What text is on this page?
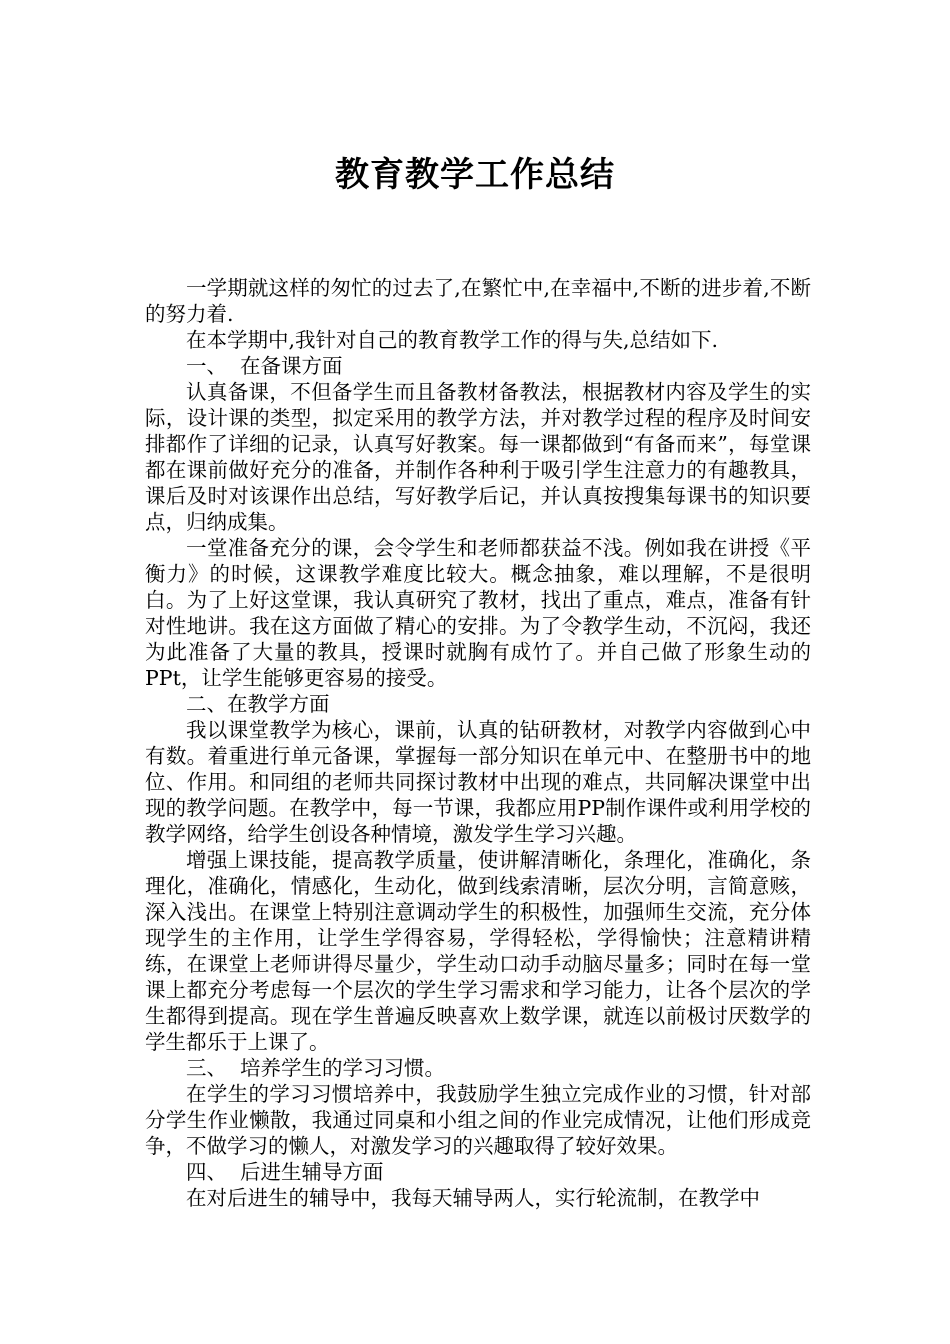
教育教学工作总结

一学期就这样的匆忙的过去了,在繁忙中,在幸福中,不断的进步着,不断的努力着.

在本学期中,我针对自己的教育教学工作的得与失,总结如下.

一、  在备课方面

认真备课，不但备学生而且备教材备教法，根据教材内容及学生的实际，设计课的类型，拟定采用的教学方法，并对教学过程的程序及时间安排都作了详细的记录，认真写好教案。每一课都做到“有备而来”，每堂课都在课前做好充分的准备，并制作各种利于吸引学生注意力的有趣教具，课后及时对该课作出总结，写好教学后记，并认真按搜集每课书的知识要点，归纳成集。

一堂准备充分的课，会令学生和老师都获益不浅。例如我在讲授《平衡力》的时候，这课教学难度比较大。概念抽象，难以理解，不是很明白。为了上好这堂课，我认真研究了教材，找出了重点，难点，准备有针对性地讲。我在这方面做了精心的安排。为了令教学生动，不沉闷，我还为此准备了大量的教具，授课时就胸有成竹了。并自己做了形象生动的PPt，让学生能够更容易的接受。

二、在教学方面

我以课堂教学为核心，课前，认真的钻研教材，对教学内容做到心中有数。着重进行单元备课，掌握每一部分知识在单元中、在整册书中的地位、作用。和同组的老师共同探讨教材中出现的难点，共同解决课堂中出现的教学问题。在教学中，每一节课，我都应用PP制作课件或利用学校的教学网络，给学生创设各种情境，激发学生学习兴趣。

增强上课技能，提高教学质量，使讲解清晰化，条理化，准确化，条理化，准确化，情感化，生动化，做到线索清晰，层次分明，言简意赅，深入浅出。在课堂上特别注意调动学生的积极性，加强师生交流，充分体现学生的主作用，让学生学得容易，学得轻松，学得愉快；注意精讲精练，在课堂上老师讲得尽量少，学生动口动手动脑尽量多；同时在每一堂课上都充分考虑每一个层次的学生学习需求和学习能力，让各个层次的学生都得到提高。现在学生普遍反映喜欢上数学课，就连以前极讨厌数学的学生都乐于上课了。

三、  培养学生的学习习惯。

在学生的学习习惯培养中，我鼓励学生独立完成作业的习惯，针对部分学生作业懒散，我通过同桌和小组之间的作业完成情况，让他们形成竞争，不做学习的懒人，对激发学习的兴趣取得了较好效果。

四、  后进生辅导方面

在对后进生的辅导中，我每天辅导两人，实行轮流制，在教学中
